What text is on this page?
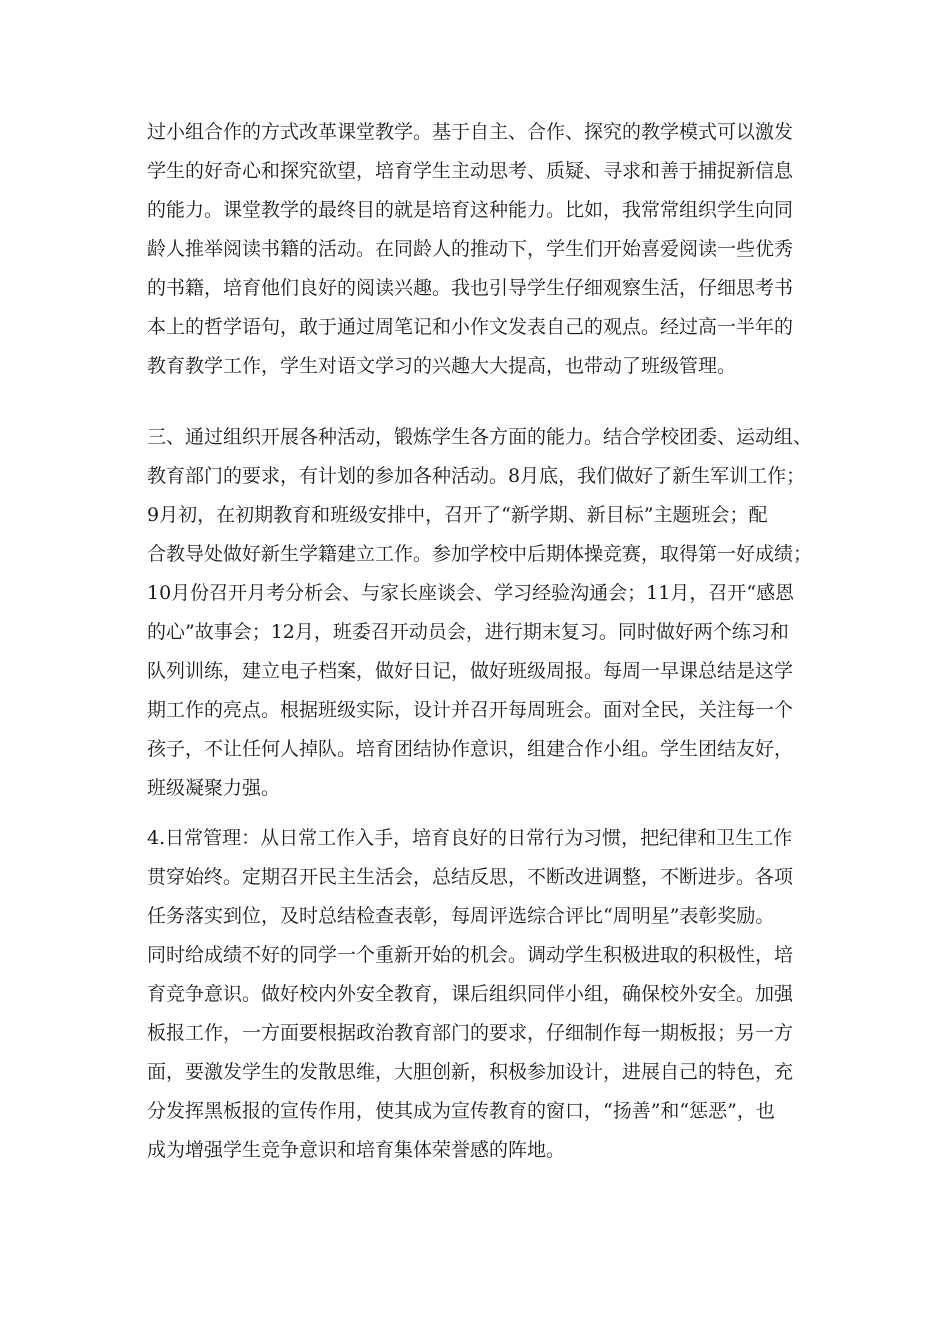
过小组合作的方式改革课堂教学。基于自主、合作、探究的教学模式可以激发
学生的好奇心和探究欲望，培育学生主动思考、质疑、寻求和善于捕捉新信息
的能力。课堂教学的最终目的就是培育这种能力。比如，我常常组织学生向同
龄人推举阅读书籍的活动。在同龄人的推动下，学生们开始喜爱阅读一些优秀
的书籍，培育他们良好的阅读兴趣。我也引导学生仔细观察生活，仔细思考书
本上的哲学语句，敢于通过周笔记和小作文发表自己的观点。经过高一半年的
教育教学工作，学生对语文学习的兴趣大大提高，也带动了班级管理。
三、通过组织开展各种活动，锻炼学生各方面的能力。结合学校团委、运动组、
教育部门的要求，有计划的参加各种活动。8月底，我们做好了新生军训工作；
9月初，在初期教育和班级安排中，召开了“新学期、新目标”主题班会；配
合教导处做好新生学籍建立工作。参加学校中后期体操竞赛，取得第一好成绩；
10月份召开月考分析会、与家长座谈会、学习经验沟通会；11月，召开“感恩
的心”故事会；12月，班委召开动员会，进行期末复习。同时做好两个练习和
队列训练，建立电子档案，做好日记，做好班级周报。每周一早课总结是这学
期工作的亮点。根据班级实际，设计并召开每周班会。面对全民，关注每一个
孩子，不让任何人掉队。培育团结协作意识，组建合作小组。学生团结友好，
班级凝聚力强。
4.日常管理：从日常工作入手，培育良好的日常行为习惯，把纪律和卫生工作
贯穿始终。定期召开民主生活会，总结反思，不断改进调整，不断进步。各项
任务落实到位，及时总结检查表彰，每周评选综合评比“周明星”表彰奖励。
同时给成绩不好的同学一个重新开始的机会。调动学生积极进取的积极性，培
育竞争意识。做好校内外安全教育，课后组织同伴小组，确保校外安全。加强
板报工作，一方面要根据政治教育部门的要求，仔细制作每一期板报；另一方
面，要激发学生的发散思维，大胆创新，积极参加设计，进展自己的特色，充
分发挥黑板报的宣传作用，使其成为宣传教育的窗口，“扬善”和“惩恶”，也
成为增强学生竞争意识和培育集体荣誉感的阵地。
